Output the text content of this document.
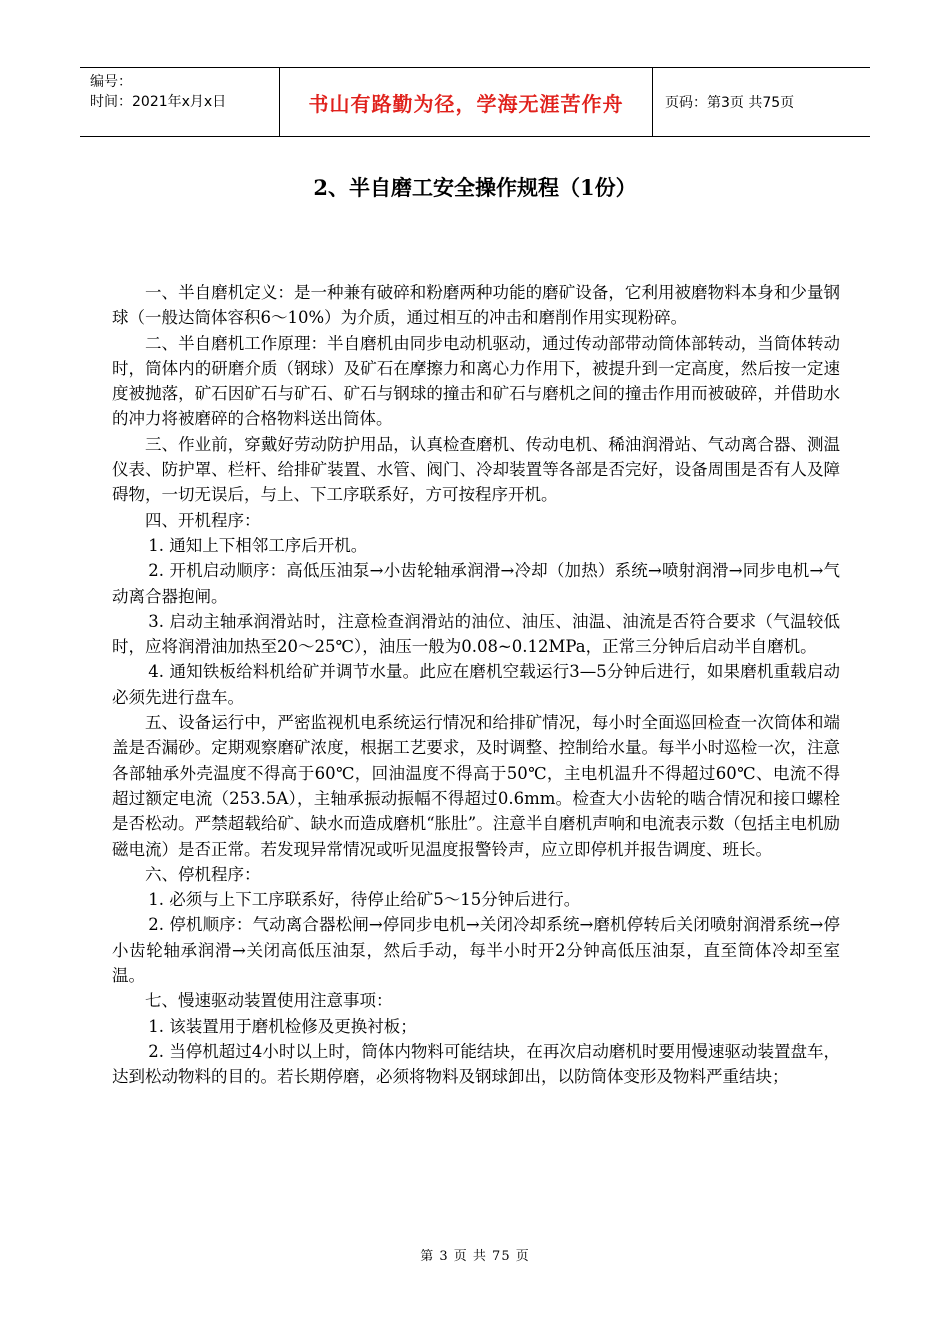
编号：
时间：2021年x月x日	书山有路勤为径，学海无涯苦作舟	页码：第3页 共75页
2、半自磨工安全操作规程（1份）

一、半自磨机定义：是一种兼有破碎和粉磨两种功能的磨矿设备，它利用被磨物料本身和少量钢球（一般达筒体容积6～10%）为介质，通过相互的冲击和磨削作用实现粉碎。

二、半自磨机工作原理：半自磨机由同步电动机驱动，通过传动部带动筒体部转动，当筒体转动时，筒体内的研磨介质（钢球）及矿石在摩擦力和离心力作用下，被提升到一定高度，然后按一定速度被抛落，矿石因矿石与矿石、矿石与钢球的撞击和矿石与磨机之间的撞击作用而被破碎，并借助水的冲力将被磨碎的合格物料送出筒体。

三、作业前，穿戴好劳动防护用品，认真检查磨机、传动电机、稀油润滑站、气动离合器、测温仪表、防护罩、栏杆、给排矿装置、水管、阀门、冷却装置等各部是否完好，设备周围是否有人及障碍物，一切无误后，与上、下工序联系好，方可按程序开机。

四、开机程序：

1. 通知上下相邻工序后开机。

2. 开机启动顺序：高低压油泵→小齿轮轴承润滑→冷却（加热）系统→喷射润滑→同步电机→气动离合器抱闸。

3. 启动主轴承润滑站时，注意检查润滑站的油位、油压、油温、油流是否符合要求（气温较低时，应将润滑油加热至20～25℃），油压一般为0.08~0.12MPa，正常三分钟后启动半自磨机。

4. 通知铁板给料机给矿并调节水量。此应在磨机空载运行3—5分钟后进行，如果磨机重载启动必须先进行盘车。

五、设备运行中，严密监视机电系统运行情况和给排矿情况，每小时全面巡回检查一次筒体和端盖是否漏砂。定期观察磨矿浓度，根据工艺要求，及时调整、控制给水量。每半小时巡检一次，注意各部轴承外壳温度不得高于60℃，回油温度不得高于50℃，主电机温升不得超过60℃、电流不得超过额定电流（253.5A），主轴承振动振幅不得超过0.6mm。检查大小齿轮的啮合情况和接口螺栓是否松动。严禁超载给矿、缺水而造成磨机“胀肚”。注意半自磨机声响和电流表示数（包括主电机励磁电流）是否正常。若发现异常情况或听见温度报警铃声，应立即停机并报告调度、班长。

六、停机程序：

1. 必须与上下工序联系好，待停止给矿5～15分钟后进行。

2. 停机顺序：气动离合器松闸→停同步电机→关闭冷却系统→磨机停转后关闭喷射润滑系统→停小齿轮轴承润滑→关闭高低压油泵，然后手动，每半小时开2分钟高低压油泵，直至筒体冷却至室温。

七、慢速驱动装置使用注意事项：

1. 该装置用于磨机检修及更换衬板；

2. 当停机超过4小时以上时，筒体内物料可能结块，在再次启动磨机时要用慢速驱动装置盘车，达到松动物料的目的。若长期停磨，必须将物料及钢球卸出，以防筒体变形及物料严重结块；

第 3 页 共 75 页
